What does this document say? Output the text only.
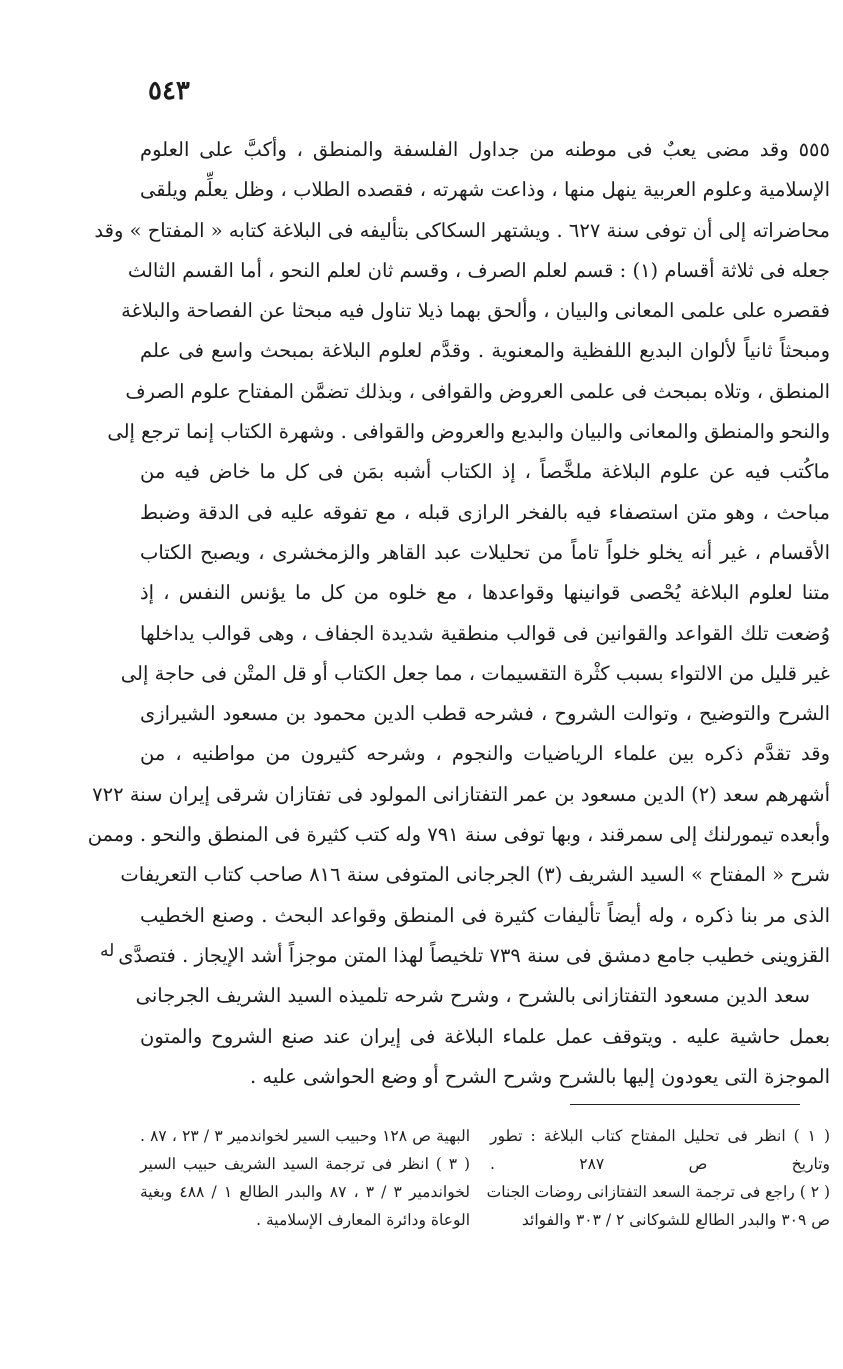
٥٤٣
٥٥٥ وقد مضى يعبٌ فى موطنه من جداول الفلسفة والمنطق ، وأكبَّ على العلوم
الإسلامية وعلوم العربية ينهل منها ، وذاعت شهرته ، فقصده الطلاب ، وظل يعلِّم ويلقى
محاضراته إلى أن توفى سنة ٦٢٧ . ويشتهر السكاكى بتأليفه فى البلاغة كتابه « المفتاح » وقد
جعله فى ثلاثة أقسام (١) : قسم لعلم الصرف ، وقسم ثان لعلم النحو ، أما القسم الثالث
فقصره على علمى المعانى والبيان ، وألحق بهما ذيلا تناول فيه مبحثا عن الفصاحة والبلاغة
ومبحثاً ثانياً لألوان البديع اللفظية والمعنوية . وقدَّم لعلوم البلاغة بمبحث واسع فى علم
المنطق ، وتلاه بمبحث فى علمى العروض والقوافى ، وبذلك تضمَّن المفتاح علوم الصرف
والنحو والمنطق والمعانى والبيان والبديع والعروض والقوافى . وشهرة الكتاب إنما ترجع إلى
ماكُتب فيه عن علوم البلاغة ملخَّصاً ، إذ الكتاب أشبه بمَن فى كل ما خاض فيه من
مباحث ، وهو متن استصفاء فيه بالفخر الرازى قبله ، مع تفوقه عليه فى الدقة وضبط
الأقسام ، غير أنه يخلو خلواً تاماً من تحليلات عبد القاهر والزمخشرى ، ويصبح الكتاب
متنا لعلوم البلاغة يُحْصى قوانينها وقواعدها ، مع خلوه من كل ما يؤنس النفس ، إذ
وُضعت تلك القواعد والقوانين فى قوالب منطقية شديدة الجفاف ، وهى قوالب يداخلها
غير قليل من الالتواء بسبب كثْرة التقسيمات ، مما جعل الكتاب أو قل المتْن فى حاجة إلى
الشرح والتوضيح ، وتوالت الشروح ، فشرحه قطب الدين محمود بن مسعود الشيرازى
وقد تقدَّم ذكره بين علماء الرياضيات والنجوم ، وشرحه كثيرون من مواطنيه ، من
أشهرهم سعد (٢) الدين مسعود بن عمر التفتازانى المولود فى تفتازان شرقى إيران سنة ٧٢٢
وأبعده تيمورلنك إلى سمرقند ، وبها توفى سنة ٧٩١ وله كتب كثيرة فى المنطق والنحو . وممن
شرح « المفتاح » السيد الشريف (٣) الجرجانى المتوفى سنة ٨١٦ صاحب كتاب التعريفات
الذى مر بنا ذكره ، وله أيضاً تأليفات كثيرة فى المنطق وقواعد البحث . وصنع الخطيب
القزوينى خطيب جامع دمشق فى سنة ٧٣٩ تلخيصاً لهذا المتن موجزاً أشد الإيجاز . فتصدَّى
سعد الدين مسعود التفتازانى بالشرح ، وشرح شرحه تلميذه السيد الشريف الجرجانى
بعمل حاشية عليه . ويتوقف عمل علماء البلاغة فى إيران عند صنع الشروح والمتون
الموجزة التى يعودون إليها بالشرح وشرح الشرح أو وضع الحواشى عليه .
له
( ١ ) انظر فى تحليل المفتاح كتاب البلاغة : تطور
وتاريخ ص ٢٨٧ .
( ٢ ) راجع فى ترجمة السعد التفتازانى روضات الجنات
ص ٣٠٩ والبدر الطالع للشوكانى ٢ / ٣٠٣ والفوائد
البهية ص ١٢٨ وحبيب السير لخواندمير ٣ / ٢٣ ، ٨٧ .
( ٣ ) انظر فى ترجمة السيد الشريف حبيب السير
لخواندمير ٣ / ٣ ، ٨٧ والبدر الطالع ١ / ٤٨٨ وبغية
الوعاة ودائرة المعارف الإسلامية .
